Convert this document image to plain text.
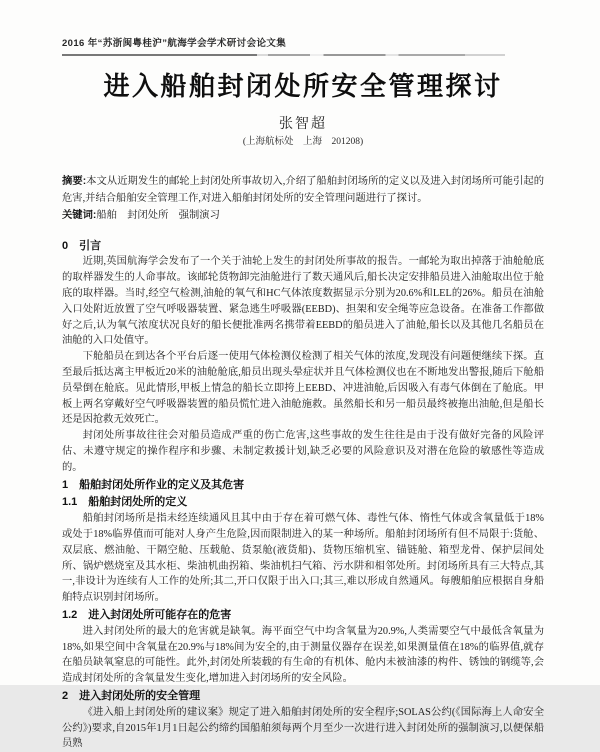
2016 年“苏浙闽粤桂沪”航海学会学术研讨会论文集
进入船舶封闭处所安全管理探讨
张智超
(上海航标处　上海　201208)
摘要:本文从近期发生的邮轮上封闭处所事故切入,介绍了船舶封闭场所的定义以及进入封闭场所可能引起的危害,并结合船舶安全管理工作,对进入船舶封闭处所的安全管理问题进行了探讨。
关键词:船舶　封闭处所　强制演习
0　引言

近期,英国航海学会发布了一个关于油轮上发生的封闭处所事故的报告。一邮轮为取出掉落于油舱舱底的取样器发生的人命事故。该邮轮货物卸完油舱进行了数天通风后,船长决定安排船员进入油舱取出位于舱底的取样器。当时,经空气检测,油舱的氧气和HC气体浓度数据显示分别为20.6%和LEL的26%。船员在油舱入口处附近放置了空气呼吸器装置、紧急逃生呼吸器(EEBD)、担架和安全绳等应急设备。在准备工作都做好之后,认为氧气浓度状况良好的船长便批准两名携带着EEBD的船员进入了油舱,船长以及其他几名船员在油舱的入口处值守。

下舱船员在到达各个平台后逐一使用气体检测仪检测了相关气体的浓度,发现没有问题便继续下探。直至最后抵达离主甲板近20米的油舱舱底,船员出现头晕症状并且气体检测仪也在不断地发出警报,随后下舱船员晕倒在舱底。见此情形,甲板上情急的船长立即挎上EEBD、冲进油舱,后因吸入有毒气体倒在了舱底。甲板上两名穿戴好空气呼吸器装置的船员慌忙进入油舱施救。虽然船长和另一船员最终被拖出油舱,但是船长还是因抢救无效死亡。

封闭处所事故往往会对船员造成严重的伤亡危害,这些事故的发生往往是由于没有做好完备的风险评估、未遵守规定的操作程序和步骤、未制定救援计划,缺乏必要的风险意识及对潜在危险的敏感性等造成的。

1　船舶封闭处所作业的定义及其危害
1.1　船舶封闭处所的定义

船舶封闭场所是指未经连续通风且其中由于存在着可燃气体、毒性气体、惰性气体或含氧量低于18%或处于18%临界值而可能对人身产生危险,因而限制进入的某一种场所。船舶封闭场所有但不局限于:货舱、双层底、燃油舱、干隔空舱、压载舱、货泵舱(液货船)、货物压缩机室、锚链舱、箱型龙骨、保护层间处所、锅炉燃烧室及其水柜、柴油机曲拐箱、柴油机扫气箱、污水阱和相邻处所。封闭场所具有三大特点,其一,非设计为连续有人工作的处所;其二,开口仅限于出入口;其三,难以形成自然通风。每艘船舶应根据自身船舶特点识别封闭场所。

1.2　进入封闭处所可能存在的危害

进入封闭处所的最大的危害就是缺氧。海平面空气中均含氧量为20.9%,人类需要空气中最低含氧量为18%,如果空间中含氧量在20.9%与18%间为安全的,由于测量仪器存在误差,如果测量值在18%的临界值,就存在船员缺氧窒息的可能性。此外,封闭处所装载的有生命的有机体、舱内未被油漆的构件、锈蚀的钢缆等,会造成封闭处所的含氧量发生变化,增加进入封闭场所的安全风险。

2　进入封闭处所的安全管理

《进入船上封闭处所的建议案》规定了进入船舶封闭处所的安全程序;SOLAS公约(《国际海上人命安全公约》)要求,自2015年1月1日起公约缔约国船舶须每两个月至少一次进行进入封闭处所的强制演习,以便保船员熟
